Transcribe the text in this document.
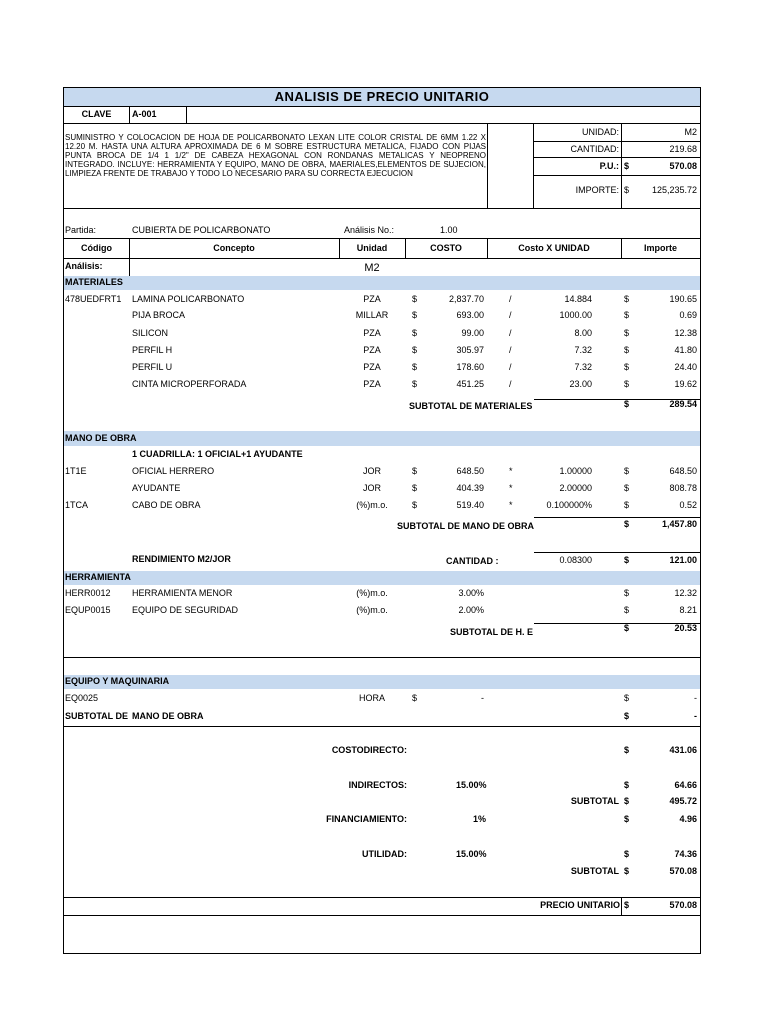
ANALISIS DE PRECIO UNITARIO
CLAVE	A-001
SUMINISTRO Y COLOCACION DE HOJA DE POLICARBONATO LEXAN LITE COLOR CRISTAL DE 6MM 1.22 X 12.20 M. HASTA UNA ALTURA APROXIMADA DE 6 M SOBRE ESTRUCTURA METALICA, FIJADO CON PIJAS PUNTA BROCA DE 1/4 1 1/2" DE CABEZA HEXAGONAL CON RONDANAS METALICAS Y NEOPRENO INTEGRADO. INCLUYE: HERRAMIENTA Y EQUIPO, MANO DE OBRA, MAERIALES,ELEMENTOS DE SUJECION, LIMPIEZA FRENTE DE TRABAJO Y TODO LO NECESARIO PARA SU CORRECTA EJECUCION
UNIDAD:	M2
CANTIDAD:	219.68
P.U.: $	570.08
IMPORTE: $	125,235.72
Partida:	CUBIERTA DE POLICARBONATO	Análisis No.:	1.00
Código	Concepto	Unidad	COSTO	Costo X UNIDAD	Importe
Análisis:	M2
MATERIALES
478UEDFRT1 LAMINA POLICARBONATO	PZA	$	2,837.70	/	14.884	$	190.65
PIJA BROCA	MILLAR	$	693.00	/	1000.00	$	0.69
SILICON	PZA	$	99.00	/	8.00	$	12.38
PERFIL H	PZA	$	305.97	/	7.32	$	41.80
PERFIL U	PZA	$	178.60	/	7.32	$	24.40
CINTA MICROPERFORADA	PZA	$	451.25	/	23.00	$	19.62
SUBTOTAL DE MATERIALES	$	289.54
MANO DE OBRA
1 CUADRILLA: 1 OFICIAL+1 AYUDANTE
1T1E	OFICIAL HERRERO	JOR	$	648.50	*	1.00000	$	648.50
AYUDANTE	JOR	$	404.39	*	2.00000	$	808.78
1TCA	CABO DE OBRA	(%)m.o.	$	519.40	*	0.100000%	$	0.52
SUBTOTAL DE MANO DE OBRA	$	1,457.80
RENDIMIENTO M2/JOR	CANTIDAD :	0.08300	$	121.00
HERRAMIENTA
HERR0012 HERRAMIENTA MENOR	(%)m.o.	3.00%	$	12.32
EQUP0015 EQUIPO DE SEGURIDAD	(%)m.o.	2.00%	$	8.21
SUBTOTAL DE H. E	$	20.53
EQUIPO Y MAQUINARIA
EQ0025	HORA	$	-	$	-
SUBTOTAL DE MANO DE OBRA	$	-
COSTODIRECTO:	$	431.06
INDIRECTOS:	15.00%	$	64.66
SUBTOTAL $	495.72
FINANCIAMIENTO:	1%	$	4.96
UTILIDAD:	15.00%	$	74.36
SUBTOTAL $	570.08
PRECIO UNITARIO $	570.08
